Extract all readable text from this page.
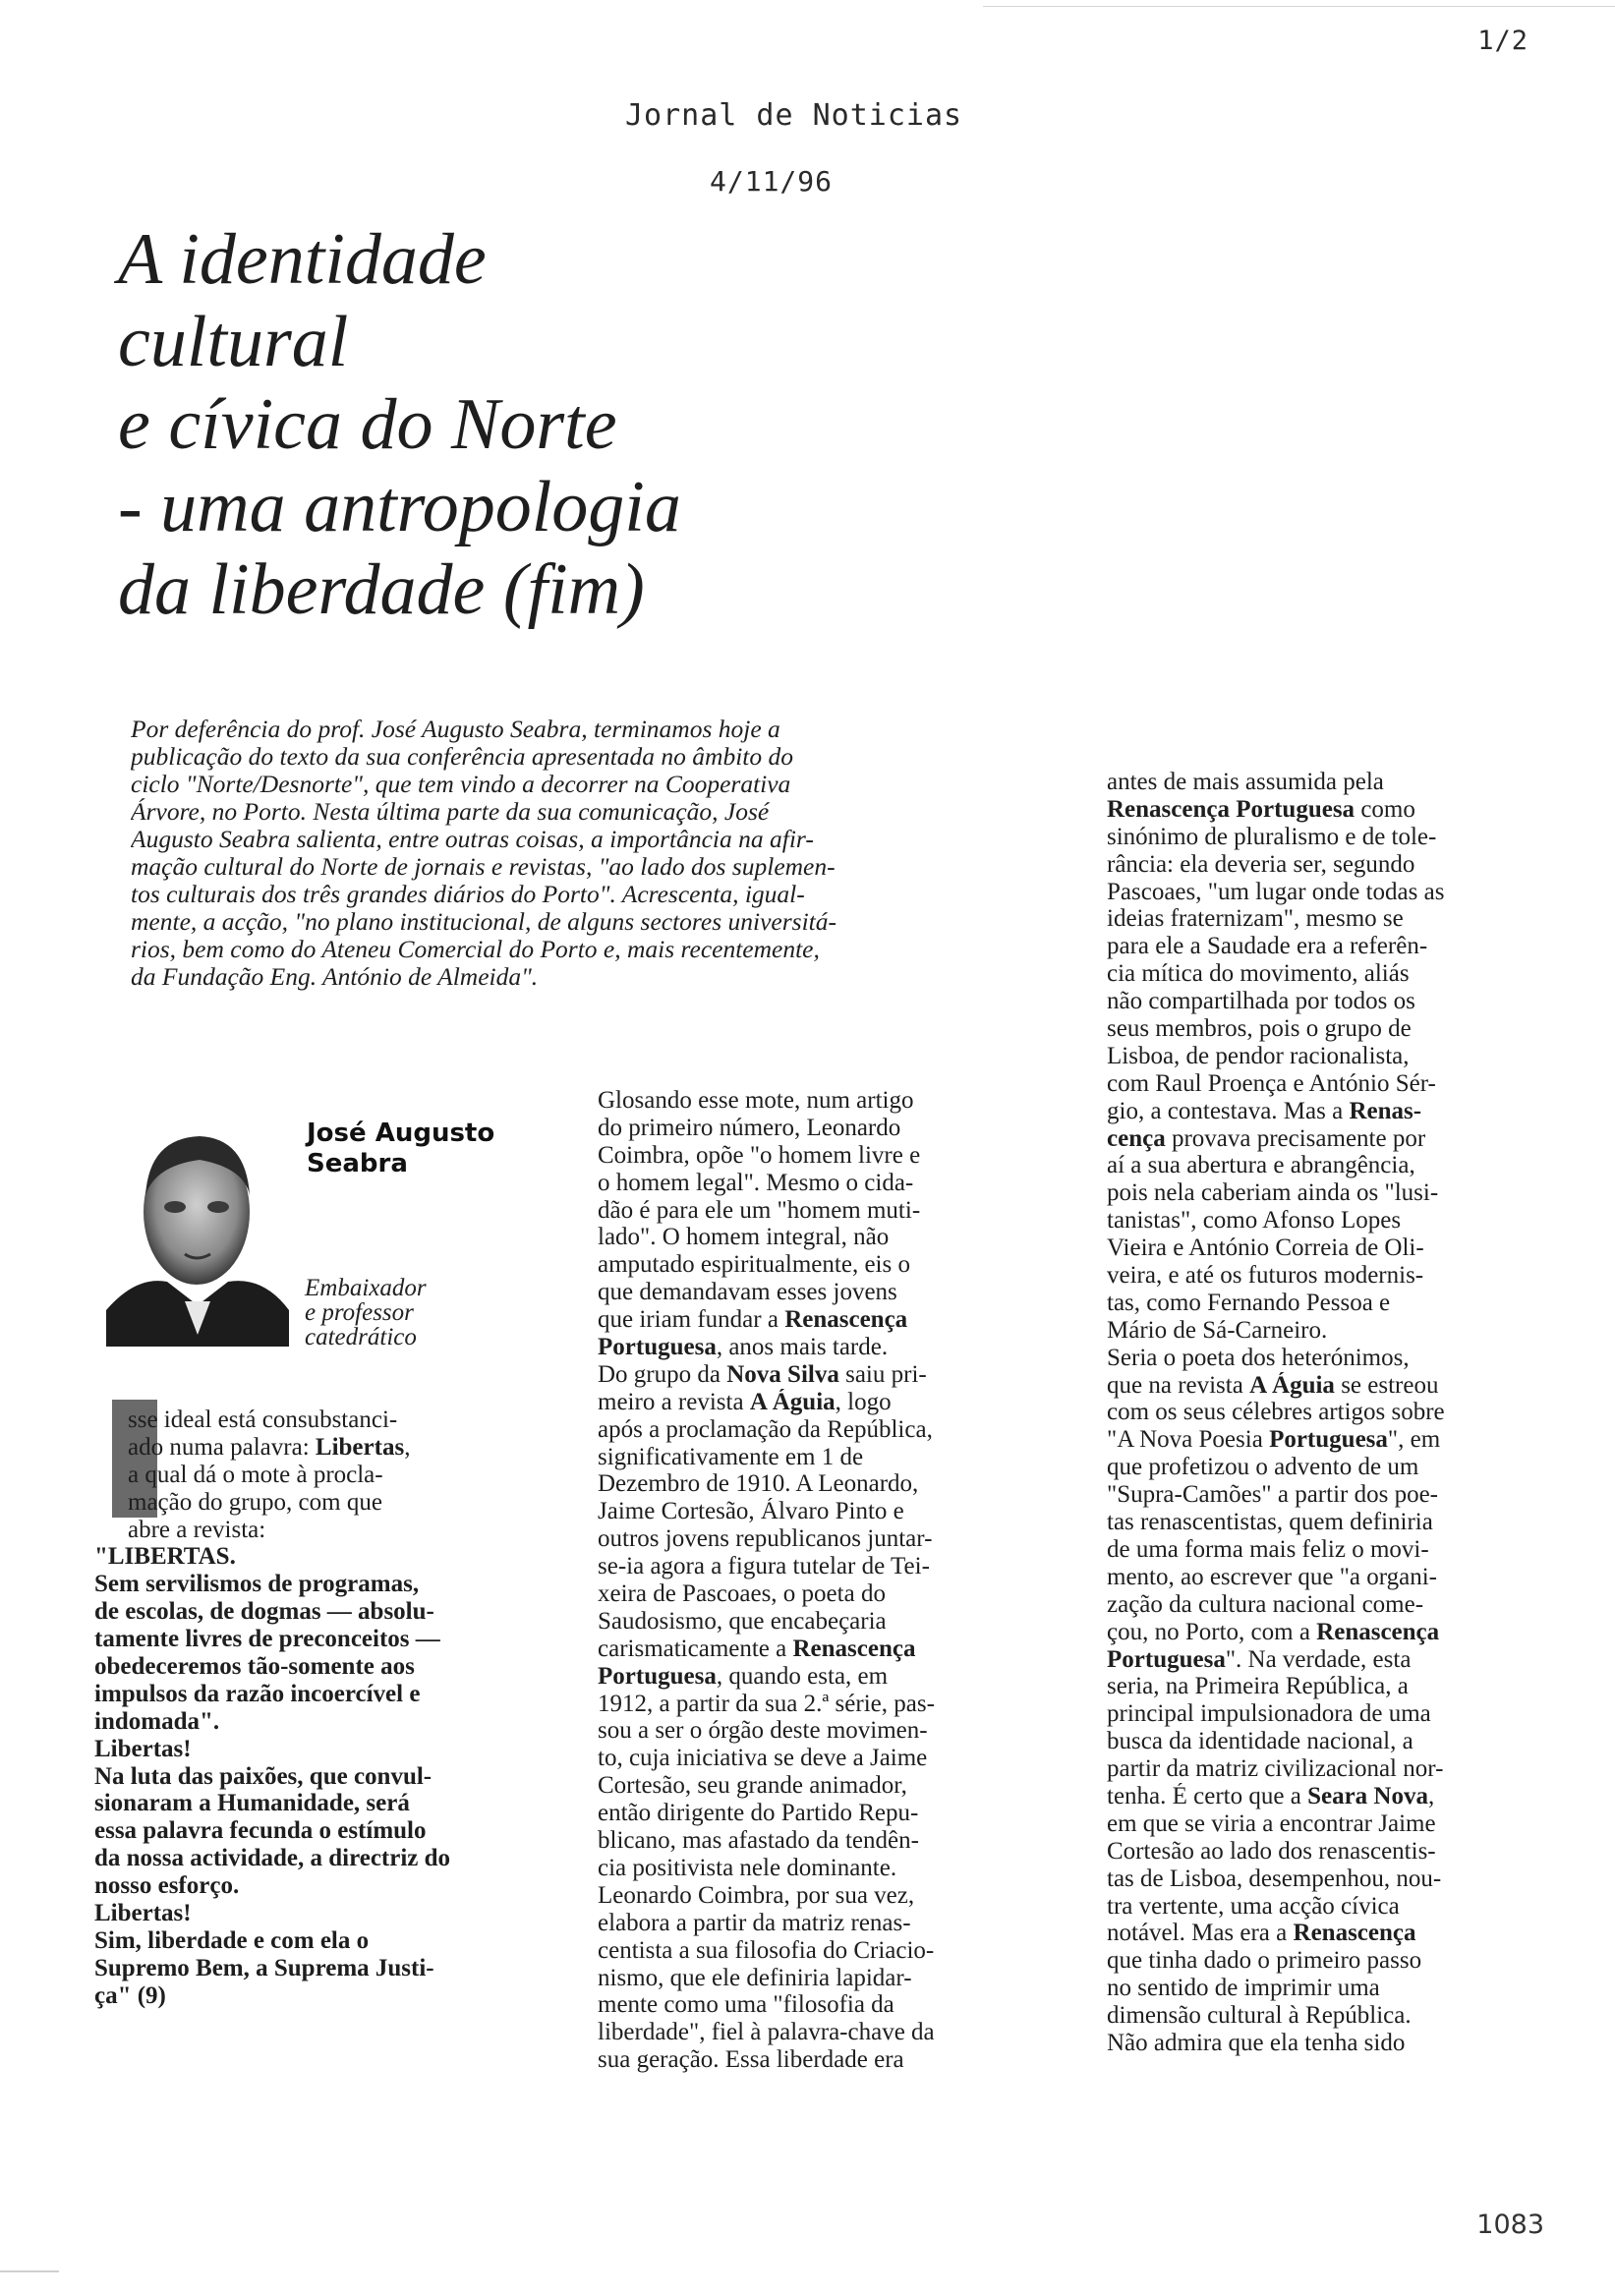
1/2
Jornal de Noticias
4/11/96
A identidade
cultural
e cívica do Norte
- uma antropologia
da liberdade (fim)
Por deferência do prof. José Augusto Seabra, terminamos hoje a
publicação do texto da sua conferência apresentada no âmbito do
ciclo "Norte/Desnorte", que tem vindo a decorrer na Cooperativa
Árvore, no Porto. Nesta última parte da sua comunicação, José
Augusto Seabra salienta, entre outras coisas, a importância na afir-
mação cultural do Norte de jornais e revistas, "ao lado dos suplemen-
tos culturais dos três grandes diários do Porto". Acrescenta, igual-
mente, a acção, "no plano institucional, de alguns sectores universitá-
rios, bem como do Ateneu Comercial do Porto e, mais recentemente,
da Fundação Eng. António de Almeida".
José Augusto
Seabra
Embaixador
e professor
catedrático
sse ideal está consubstanci-
ado numa palavra: Libertas,
a qual dá o mote à procla-
mação do grupo, com que
abre a revista:
"LIBERTAS.
Sem servilismos de programas,
de escolas, de dogmas — absolu-
tamente livres de preconceitos —
obedeceremos tão-somente aos
impulsos da razão incoercível e
indomada".
Libertas!
Na luta das paixões, que convul-
sionaram a Humanidade, será
essa palavra fecunda o estímulo
da nossa actividade, a directriz do
nosso esforço.
Libertas!
Sim, liberdade e com ela o
Supremo Bem, a Suprema Justi-
ça" (9)
Glosando esse mote, num artigo
do primeiro número, Leonardo
Coimbra, opõe "o homem livre e
o homem legal". Mesmo o cida-
dão é para ele um "homem muti-
lado". O homem integral, não
amputado espiritualmente, eis o
que demandavam esses jovens
que iriam fundar a Renascença
Portuguesa, anos mais tarde.
Do grupo da Nova Silva saiu pri-
meiro a revista A Águia, logo
após a proclamação da República,
significativamente em 1 de
Dezembro de 1910. A Leonardo,
Jaime Cortesão, Álvaro Pinto e
outros jovens republicanos juntar-
se-ia agora a figura tutelar de Tei-
xeira de Pascoaes, o poeta do
Saudosismo, que encabeçaria
carismaticamente a Renascença
Portuguesa, quando esta, em
1912, a partir da sua 2.ª série, pas-
sou a ser o órgão deste movimen-
to, cuja iniciativa se deve a Jaime
Cortesão, seu grande animador,
então dirigente do Partido Repu-
blicano, mas afastado da tendên-
cia positivista nele dominante.
Leonardo Coimbra, por sua vez,
elabora a partir da matriz renas-
centista a sua filosofia do Criacio-
nismo, que ele definiria lapidar-
mente como uma "filosofia da
liberdade", fiel à palavra-chave da
sua geração. Essa liberdade era
antes de mais assumida pela
Renascença Portuguesa como
sinónimo de pluralismo e de tole-
rância: ela deveria ser, segundo
Pascoaes, "um lugar onde todas as
ideias fraternizam", mesmo se
para ele a Saudade era a referên-
cia mítica do movimento, aliás
não compartilhada por todos os
seus membros, pois o grupo de
Lisboa, de pendor racionalista,
com Raul Proença e António Sér-
gio, a contestava. Mas a Renas-
cença provava precisamente por
aí a sua abertura e abrangência,
pois nela caberiam ainda os "lusi-
tanistas", como Afonso Lopes
Vieira e António Correia de Oli-
veira, e até os futuros modernis-
tas, como Fernando Pessoa e
Mário de Sá-Carneiro.
Seria o poeta dos heterónimos,
que na revista A Águia se estreou
com os seus célebres artigos sobre
"A Nova Poesia Portuguesa", em
que profetizou o advento de um
"Supra-Camões" a partir dos poe-
tas renascentistas, quem definiria
de uma forma mais feliz o movi-
mento, ao escrever que "a organi-
zação da cultura nacional come-
çou, no Porto, com a Renascença
Portuguesa". Na verdade, esta
seria, na Primeira República, a
principal impulsionadora de uma
busca da identidade nacional, a
partir da matriz civilizacional nor-
tenha. É certo que a Seara Nova,
em que se viria a encontrar Jaime
Cortesão ao lado dos renascentis-
tas de Lisboa, desempenhou, nou-
tra vertente, uma acção cívica
notável. Mas era a Renascença
que tinha dado o primeiro passo
no sentido de imprimir uma
dimensão cultural à República.
Não admira que ela tenha sido
1083
